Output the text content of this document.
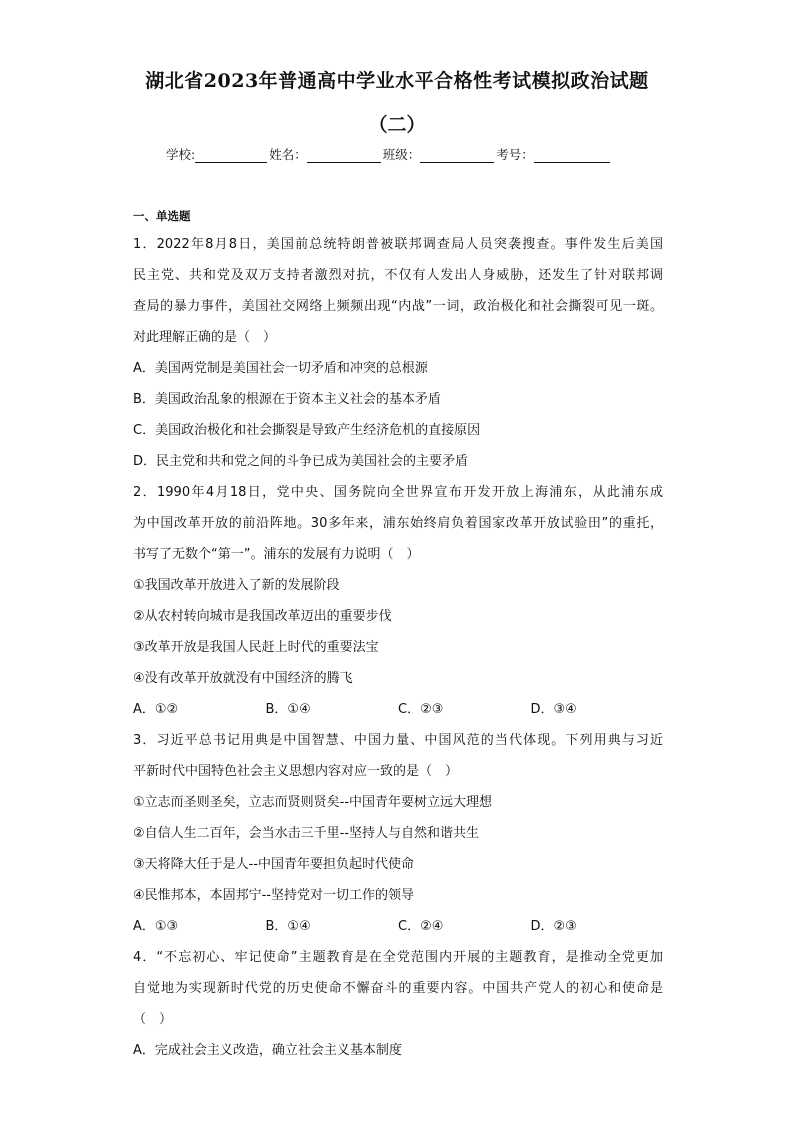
湖北省2023年普通高中学业水平合格性考试模拟政治试题
（二）
学校:	姓名：	班级：	考号：
一、单选题
1．2022年8月8日，美国前总统特朗普被联邦调查局人员突袭搜查。事件发生后美国
民主党、共和党及双万支持者激烈对抗，不仅有人发出人身威胁，还发生了针对联邦调
查局的暴力事件，美国社交网络上频频出现“内战”一词，政治极化和社会撕裂可见一斑。
对此理解正确的是（　）
A．美国两党制是美国社会一切矛盾和冲突的总根源
B．美国政治乱象的根源在于资本主义社会的基本矛盾
C．美国政治极化和社会撕裂是导致产生经济危机的直接原因
D．民主党和共和党之间的斗争已成为美国社会的主要矛盾
2．1990年4月18日，党中央、国务院向全世界宣布开发开放上海浦东，从此浦东成
为中国改革开放的前沿阵地。30多年来，浦东始终肩负着国家改革开放试验田”的重托，
书写了无数个“第一”。浦东的发展有力说明（　）
①我国改革开放进入了新的发展阶段
②从农村转向城市是我国改革迈出的重要步伐
③改革开放是我国人民赶上时代的重要法宝
④没有改革开放就没有中国经济的腾飞
A．①②	B．①④	C．②③	D．③④
3．习近平总书记用典是中国智慧、中国力量、中国风范的当代体现。下列用典与习近
平新时代中国特色社会主义思想内容对应一致的是（　）
①立志而圣则圣矣，立志而贤则贤矣--中国青年要树立远大理想
②自信人生二百年，会当水击三千里--坚持人与自然和谐共生
③天将降大任于是人--中国青年要担负起时代使命
④民惟邦本，本固邦宁--坚持党对一切工作的领导
A．①③	B．①④	C．②④	D．②③
4．“不忘初心、牢记使命”主题教育是在全党范围内开展的主题教育，是推动全党更加
自觉地为实现新时代党的历史使命不懈奋斗的重要内容。中国共产党人的初心和使命是
（　）
A．完成社会主义改造，确立社会主义基本制度
